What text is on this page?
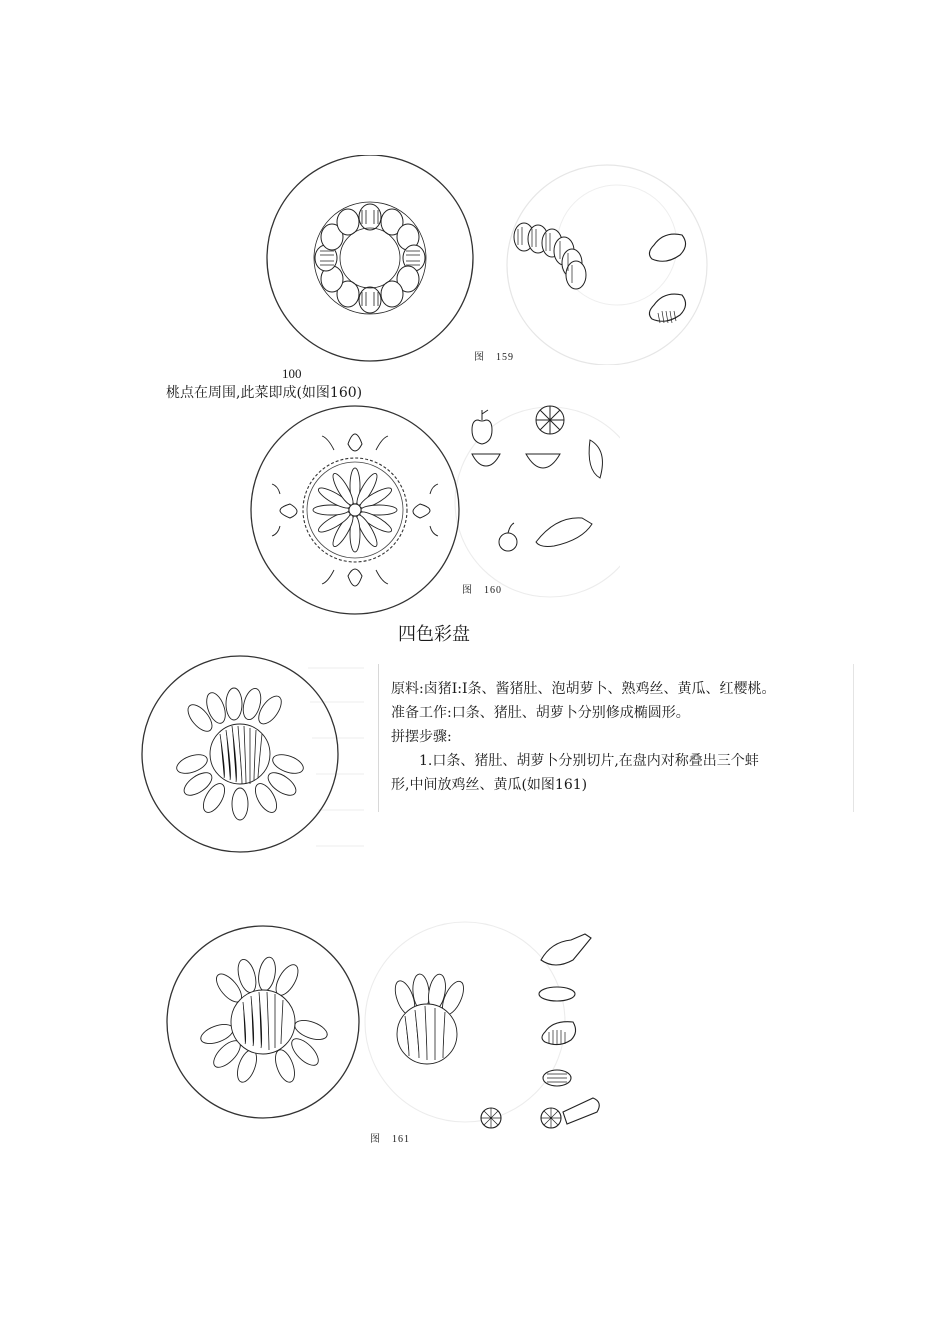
图　159
100
桃点在周围,此菜即成(如图160)
图　160
四色彩盘
原料:卤猪I:I条、酱猪肚、泡胡萝卜、熟鸡丝、黄瓜、红樱桃。
准备工作:口条、猪肚、胡萝卜分别修成椭圆形。
拼摆步骤:
1.口条、猪肚、胡萝卜分别切片,在盘内对称叠出三个蚌
形,中间放鸡丝、黄瓜(如图161)
图　161
